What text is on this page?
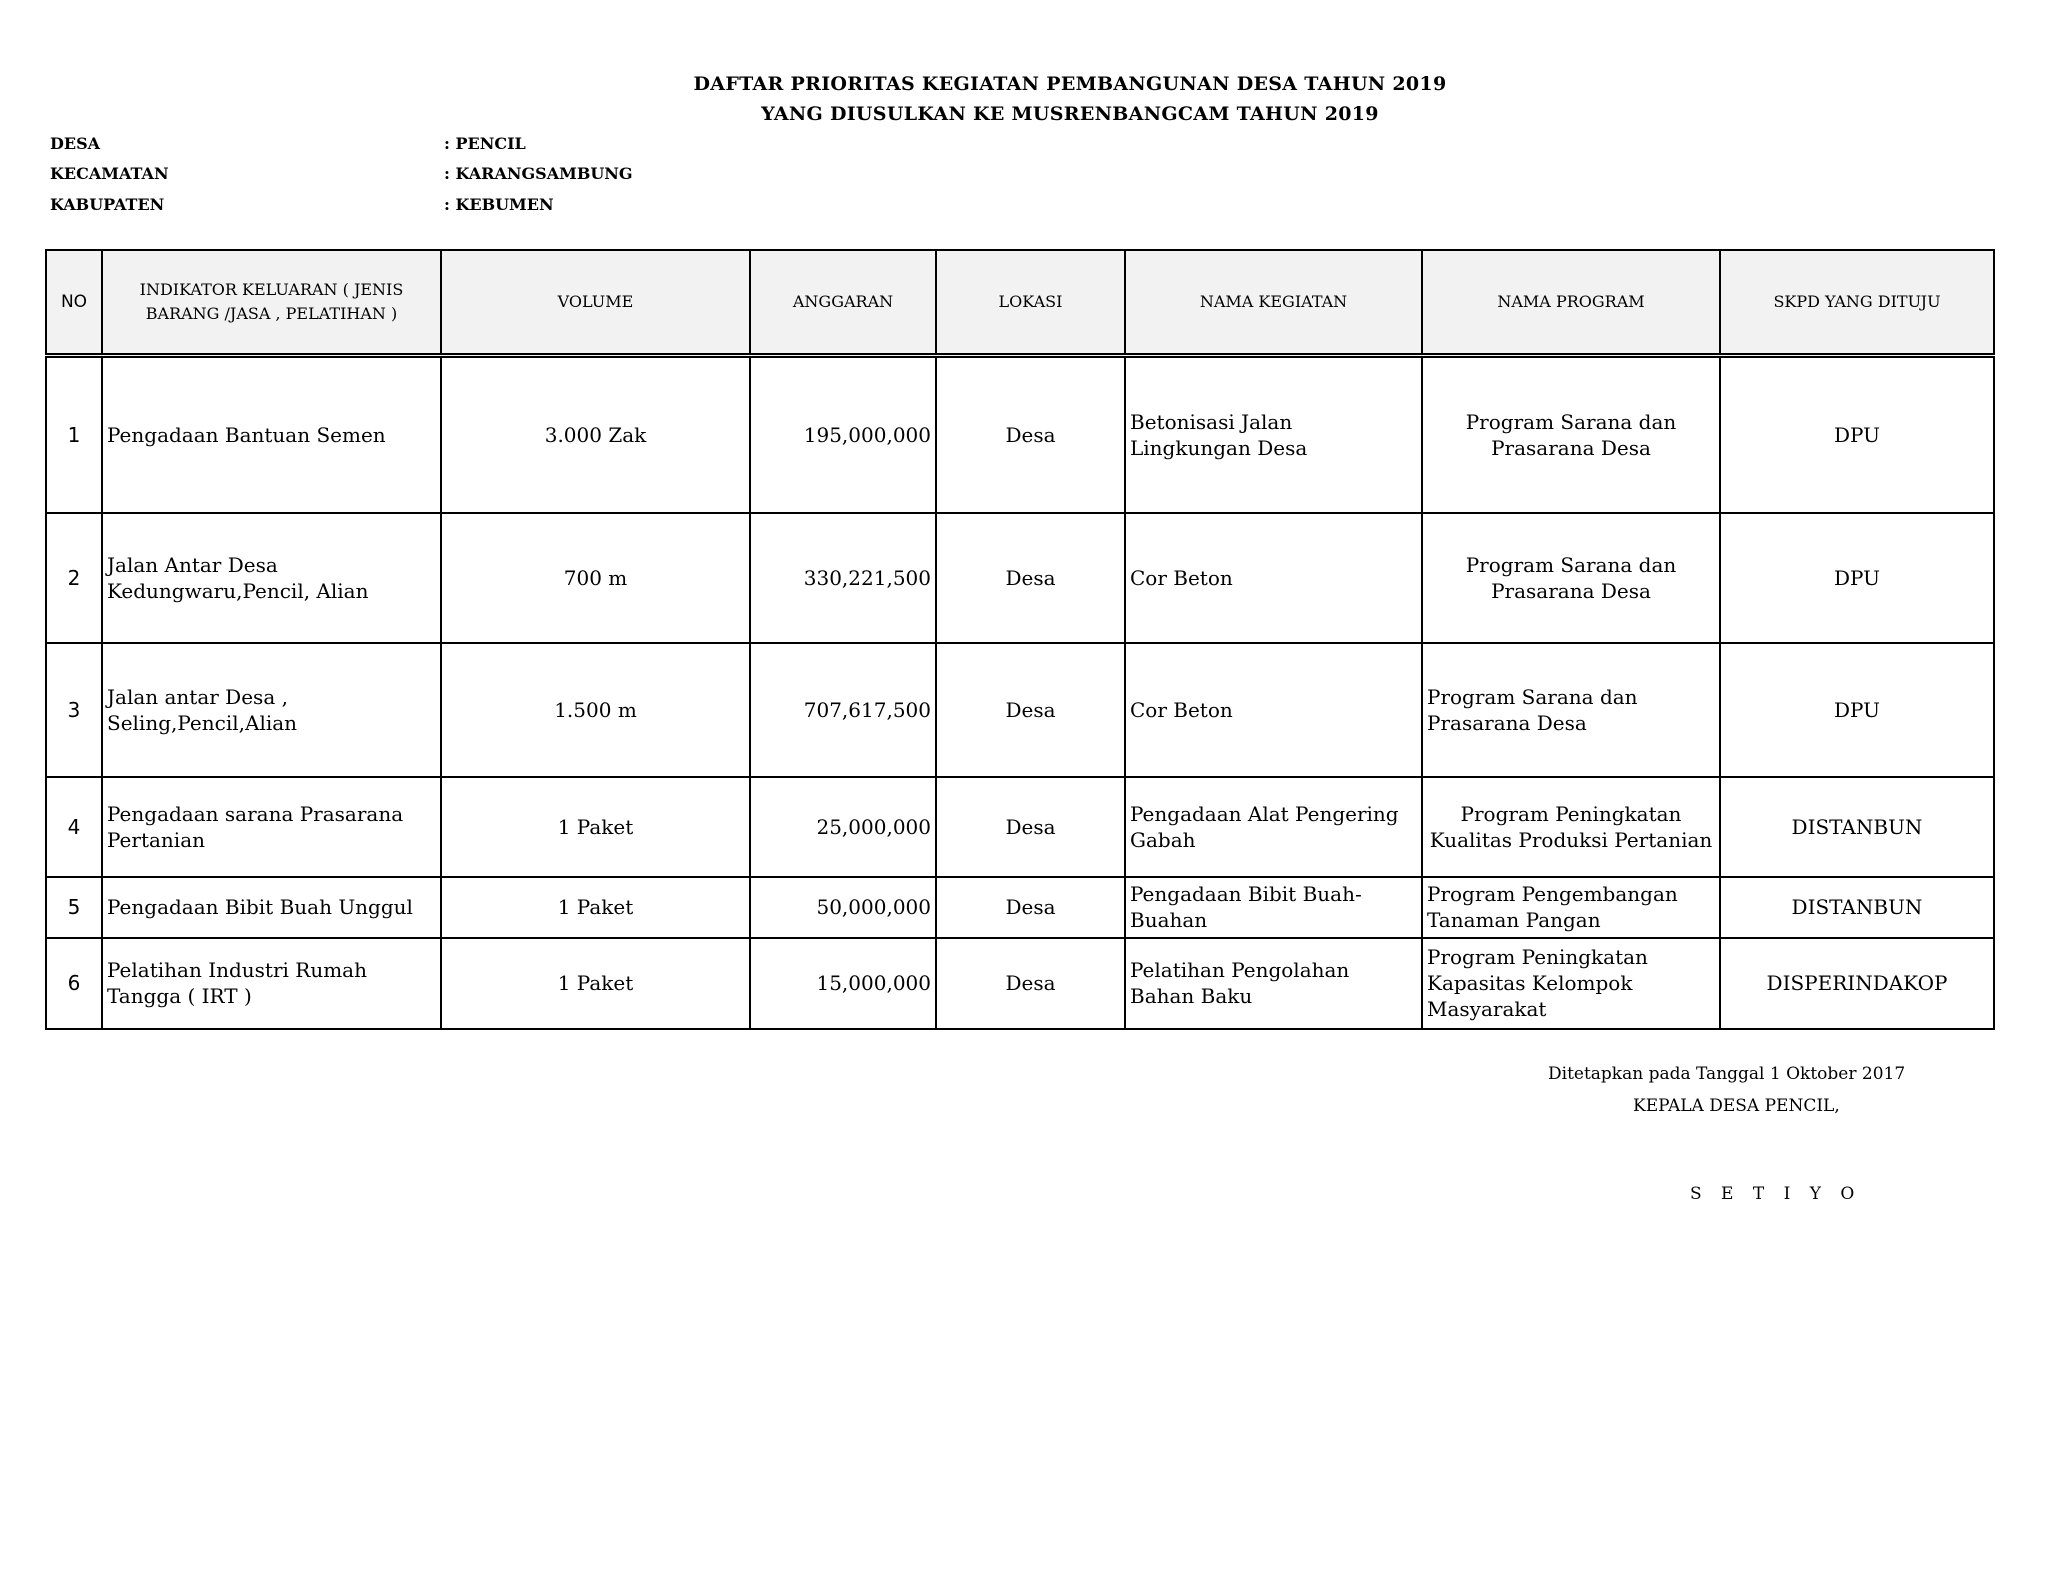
DAFTAR PRIORITAS KEGIATAN PEMBANGUNAN DESA TAHUN 2019
YANG DIUSULKAN KE MUSRENBANGCAM TAHUN 2019
DESA	: PENCIL
KECAMATAN	: KARANGSAMBUNG
KABUPATEN	: KEBUMEN
NO	INDIKATOR KELUARAN ( JENIS BARANG /JASA , PELATIHAN )	VOLUME	ANGGARAN	LOKASI	NAMA KEGIATAN	NAMA PROGRAM	SKPD YANG DITUJU
1	Pengadaan Bantuan Semen	3.000 Zak	195,000,000	Desa	Betonisasi Jalan Lingkungan Desa	Program Sarana dan Prasarana Desa	DPU
2	Jalan Antar Desa Kedungwaru,Pencil, Alian	700 m	330,221,500	Desa	Cor Beton	Program Sarana dan Prasarana Desa	DPU
3	Jalan antar Desa , Seling,Pencil,Alian	1.500 m	707,617,500	Desa	Cor Beton	Program Sarana dan Prasarana Desa	DPU
4	Pengadaan sarana Prasarana Pertanian	1 Paket	25,000,000	Desa	Pengadaan Alat Pengering Gabah	Program Peningkatan Kualitas Produksi Pertanian	DISTANBUN
5	Pengadaan Bibit Buah Unggul	1 Paket	50,000,000	Desa	Pengadaan Bibit Buah-Buahan	Program Pengembangan Tanaman Pangan	DISTANBUN
6	Pelatihan Industri Rumah Tangga ( IRT )	1 Paket	15,000,000	Desa	Pelatihan Pengolahan Bahan Baku	Program Peningkatan Kapasitas Kelompok Masyarakat	DISPERINDAKOP
Ditetapkan pada Tanggal 1 Oktober 2017
KEPALA DESA PENCIL,
S E T I Y O
